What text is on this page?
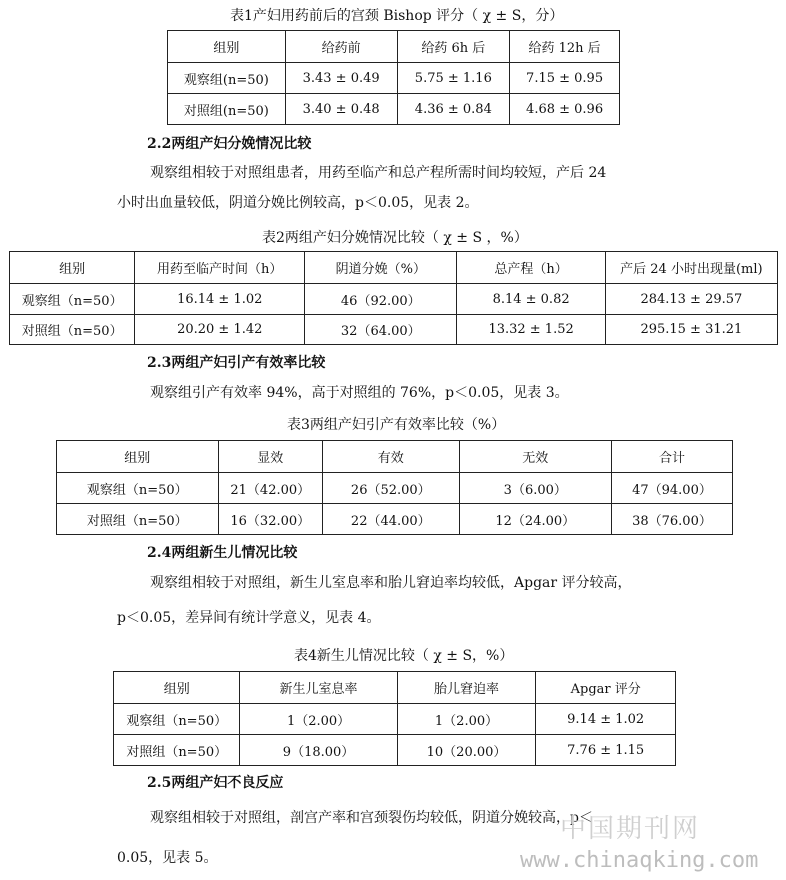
表1产妇用药前后的宫颈 Bishop 评分（ χ ± S，分）
组别	给药前	给药 6h 后	给药 12h 后
观察组(n=50)	3.43 ± 0.49	5.75 ± 1.16	7.15 ± 0.95
对照组(n=50)	3.40 ± 0.48	4.36 ± 0.84	4.68 ± 0.96
2.2两组产妇分娩情况比较
观察组相较于对照组患者，用药至临产和总产程所需时间均较短，产后 24
小时出血量较低，阴道分娩比例较高，p＜0.05，见表 2。
表2两组产妇分娩情况比较（ χ ± S ，%）
组别	用药至临产时间（h）	阴道分娩（%）	总产程（h）	产后 24 小时出现量(ml)
观察组（n=50）	16.14 ± 1.02	46（92.00）	8.14 ± 0.82	284.13 ± 29.57
对照组（n=50）	20.20 ± 1.42	32（64.00）	13.32 ± 1.52	295.15 ± 31.21
2.3两组产妇引产有效率比较
观察组引产有效率 94%，高于对照组的 76%，p＜0.05，见表 3。
表3两组产妇引产有效率比较（%）
组别	显效	有效	无效	合计
观察组（n=50）	21（42.00）	26（52.00）	3（6.00）	47（94.00）
对照组（n=50）	16（32.00）	22（44.00）	12（24.00）	38（76.00）
2.4两组新生儿情况比较
观察组相较于对照组，新生儿室息率和胎儿窘迫率均较低，Apgar 评分较高，
p＜0.05，差异间有统计学意义，见表 4。
表4新生儿情况比较（ χ ± S，%）
组别	新生儿室息率	胎儿窘迫率	Apgar 评分
观察组（n=50）	1（2.00）	1（2.00）	9.14 ± 1.02
对照组（n=50）	9（18.00）	10（20.00）	7.76 ± 1.15
2.5两组产妇不良反应
观察组相较于对照组，剖宫产率和宫颈裂伤均较低，阴道分娩较高，p＜
0.05，见表 5。
中国期刊网
www.chinaqking.com
